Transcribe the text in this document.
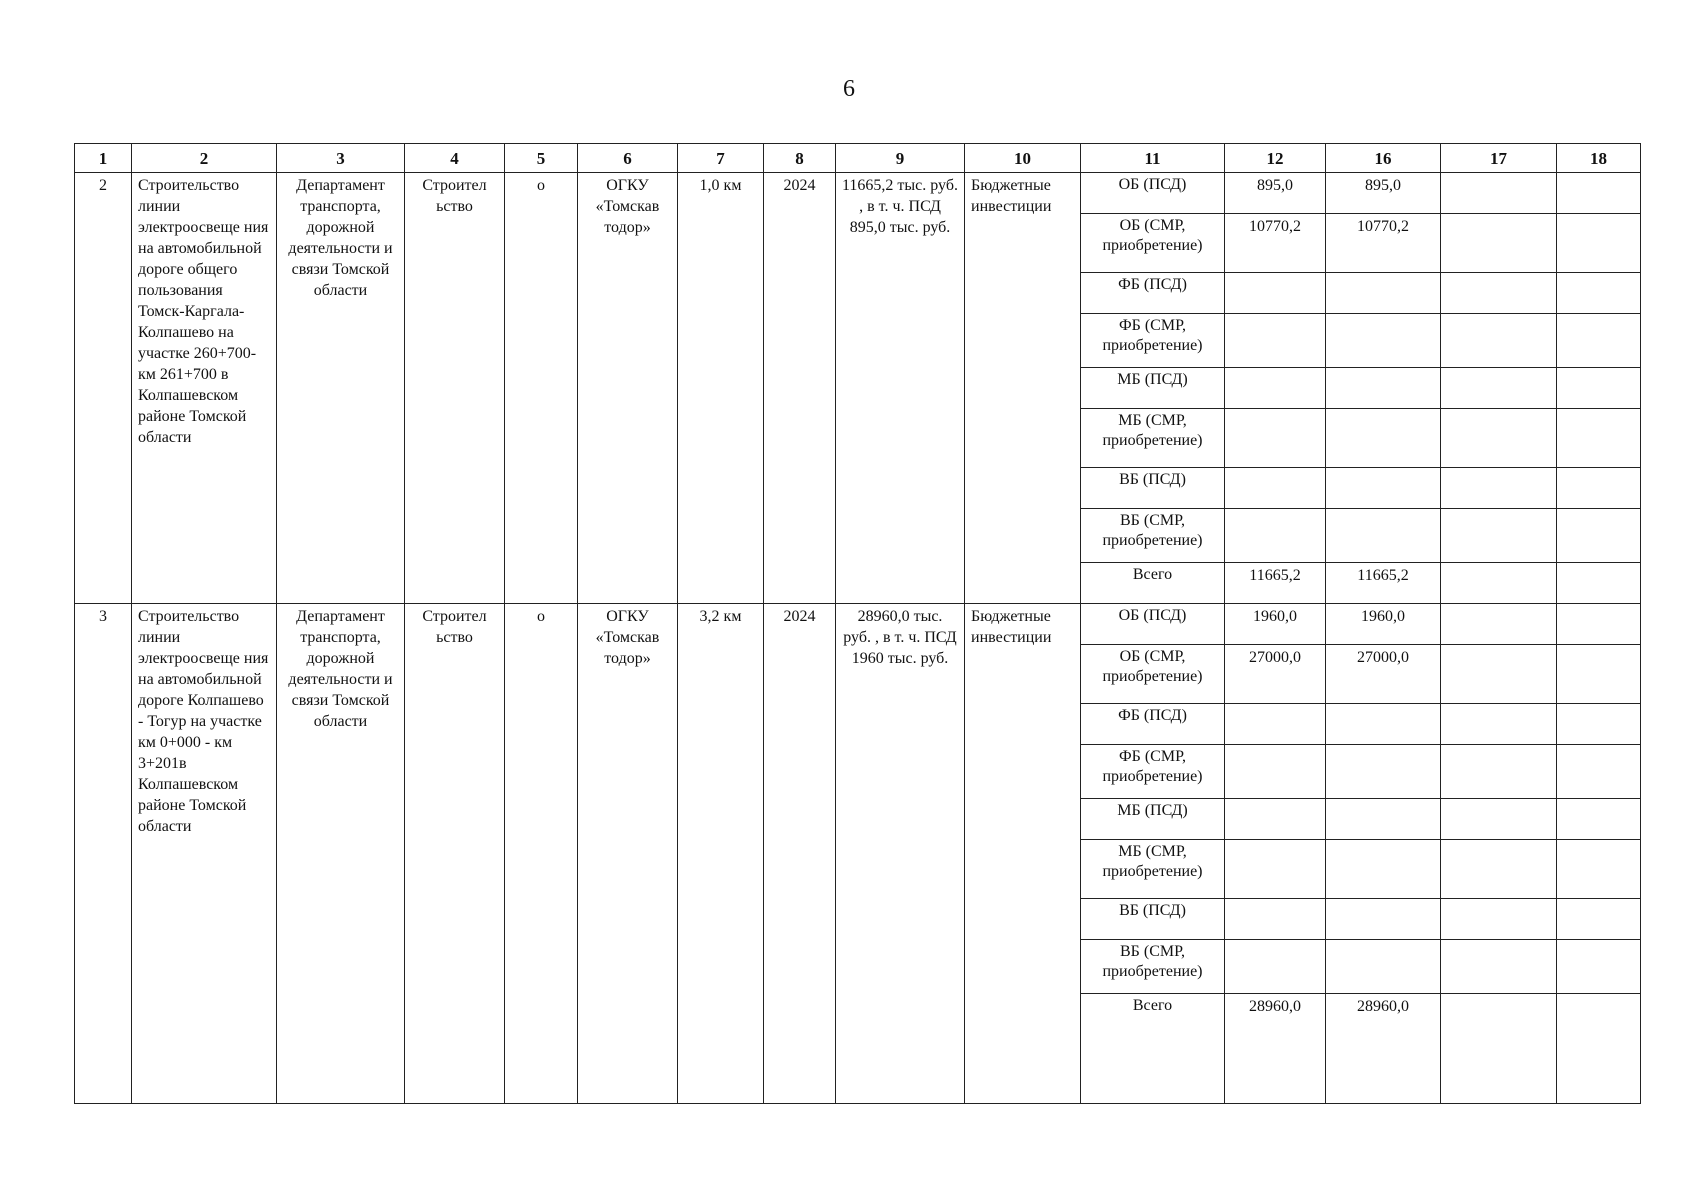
6
1	2	3	4	5	6	7	8	9	10	11	12	16	17	18
2	Строительство линии электроосвеще ния на автомобильной дороге общего пользования Томск-Каргала-Колпашево на участке 260+700- км 261+700 в Колпашевском районе Томской области	Департамент транспорта, дорожной деятельности и связи Томской области	Строител ьство	о	ОГКУ «Томскав тодор»	1,0 км	2024	11665,2 тыс. руб. , в т. ч. ПСД 895,0 тыс. руб.	Бюджетные инвестиции	ОБ (ПСД)	895,0	895,0		
										ОБ (СМР, приобретение)	10770,2	10770,2		
										ФБ (ПСД)				
										ФБ (СМР, приобретение)				
										МБ (ПСД)				
										МБ (СМР, приобретение)				
										ВБ (ПСД)				
										ВБ (СМР, приобретение)				
										Всего	11665,2	11665,2		
3	Строительство линии электроосвеще ния на автомобильной дороге Колпашево - Тогур на участке км 0+000 - км 3+201в Колпашевском районе Томской области	Департамент транспорта, дорожной деятельности и связи Томской области	Строител ьство	о	ОГКУ «Томскав тодор»	3,2 км	2024	28960,0 тыс. руб. , в т. ч. ПСД 1960 тыс. руб.	Бюджетные инвестиции	ОБ (ПСД)	1960,0	1960,0		
										ОБ (СМР, приобретение)	27000,0	27000,0		
										ФБ (ПСД)				
										ФБ (СМР, приобретение)				
										МБ (ПСД)				
										МБ (СМР, приобретение)				
										ВБ (ПСД)				
										ВБ (СМР, приобретение)				
										Всего	28960,0	28960,0		
